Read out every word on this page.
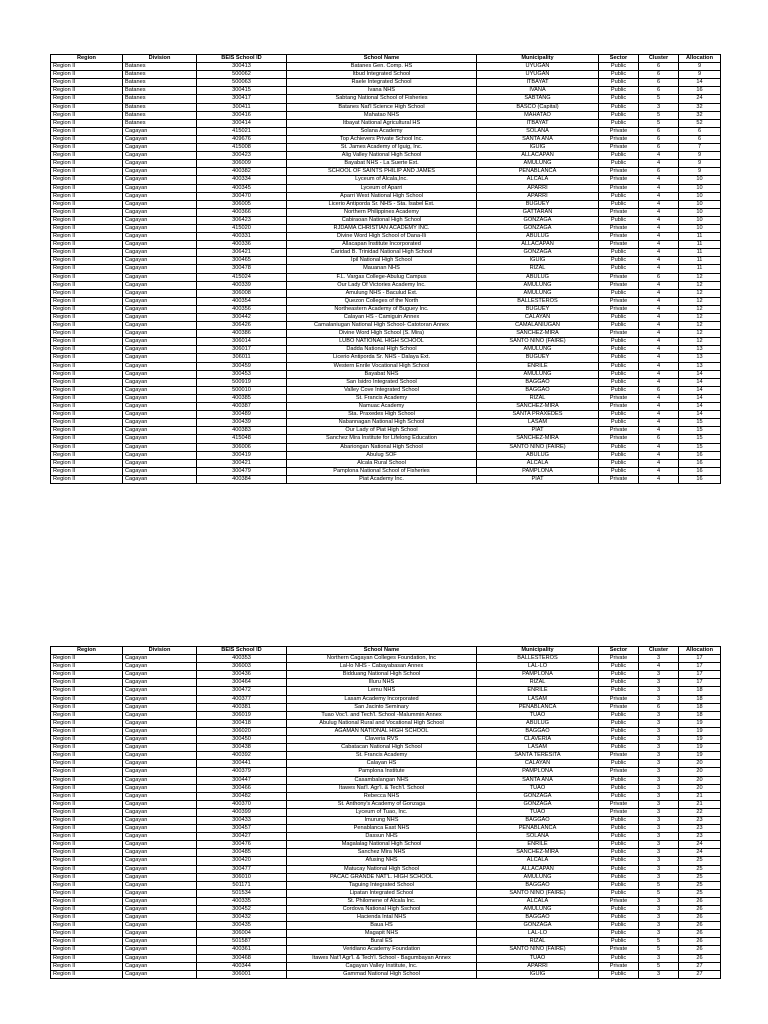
Region	Division	BEIS School ID	School Name	Municipality	Sector	Cluster	Allocation
Region II	Batanes	300413	Batanes Gen. Comp. HS	UYUGAN	Public	6	9
Region II	Batanes	500062	Itbud Integrated School	UYUGAN	Public	6	9
Region II	Batanes	500063	Raele Integrated School	ITBAYAT	Public	6	14
Region II	Batanes	300415	Ivana NHS	IVANA	Public	6	16
Region II	Batanes	300417	Sabtang National School of Fisheries	SABTANG	Public	5	24
Region II	Batanes	300411	Batanes Nat'l Science High School	BASCO (Capital)	Public	3	32
Region II	Batanes	300416	Mahatao NHS	MAHATAO	Public	5	32
Region II	Batanes	300414	Itbayat National Agricultural HS	ITBAYAT	Public	5	52
Region II	Cagayan	415021	Solana Academy	SOLANA	Private	6	6
Region II	Cagayan	409676	Top Achievers Private School Inc.	SANTA ANA	Private	6	6
Region II	Cagayan	415008	St. James Academy of Iguig, Inc.	IGUIG	Private	6	7
Region II	Cagayan	300423	Alig Valley National High School	ALLACAPAN	Public	4	9
Region II	Cagayan	306009	Bayabat NHS - La Suerte Ext.	AMULUNG	Public	4	9
Region II	Cagayan	400382	SCHOOL OF SAINTS PHILIP AND JAMES	PEÑABLANCA	Private	6	9
Region II	Cagayan	400334	Lyceum of Alcala,Inc.	ALCALA	Private	4	10
Region II	Cagayan	400345	Lyceum of Aparri	APARRI	Private	4	10
Region II	Cagayan	300470	Aparri West National High School	APARRI	Public	4	10
Region II	Cagayan	306005	Licerio Antiporda Sr. NHS - Sta. Isabel Ext.	BUGUEY	Public	4	10
Region II	Cagayan	400366	Northern Philippines Academy	GATTARAN	Private	4	10
Region II	Cagayan	306423	Cabiraoan National High School	GONZAGA	Public	4	10
Region II	Cagayan	415020	RJDAMA CHRISTIAN ACADEMY INC.	GONZAGA	Private	4	10
Region II	Cagayan	400331	Divine Word High School of Dana-Ili	ABULUG	Private	4	11
Region II	Cagayan	400336	Allacapan Institute Incorporated	ALLACAPAN	Private	4	11
Region II	Cagayan	306421	Caridad B. Trinidad National High School	GONZAGA	Public	4	11
Region II	Cagayan	300465	Ipil National High School	IGUIG	Public	4	11
Region II	Cagayan	300478	Mauanan NHS	RIZAL	Public	4	11
Region II	Cagayan	415024	F.L. Vargas College-Abulug Campus	ABULUG	Private	6	12
Region II	Cagayan	400339	Our Lady Of Victories Academy Inc.	AMULUNG	Private	4	12
Region II	Cagayan	306008	Amulung NHS - Baculud Ext.	AMULUNG	Public	4	12
Region II	Cagayan	400354	Quezon Colleges of the North	BALLESTEROS	Private	4	12
Region II	Cagayan	400356	Northeastern Academy of Buguey Inc.	BUGUEY	Private	4	12
Region II	Cagayan	300442	Calayan HS - Camiguin Annex	CALAYAN	Public	4	12
Region II	Cagayan	306426	Camalaniugan National High School- Catotoran Annex	CAMALANIUGAN	Public	4	12
Region II	Cagayan	400386	Divine Word High School (S. Mira)	SANCHEZ-MIRA	Private	4	12
Region II	Cagayan	306014	LUBO NATIONAL HIGH SCHOOL	SANTO NIÑO (FAIRE)	Public	4	12
Region II	Cagayan	306017	Dadda National High School	AMULUNG	Public	4	13
Region II	Cagayan	306011	Licerio Antiporda Sr. NHS - Dalaya Ext.	BUGUEY	Public	4	13
Region II	Cagayan	300459	Western Enrile Vocational High School	ENRILE	Public	4	13
Region II	Cagayan	300453	Bayabat NHS	AMULUNG	Public	4	14
Region II	Cagayan	500919	San Isidro Integrated School	BAGGAO	Public	4	14
Region II	Cagayan	500010	Valley Cove Integrated School	BAGGAO	Public	6	14
Region II	Cagayan	400385	St. Francis Academy	RIZAL	Private	4	14
Region II	Cagayan	400387	Namuac Academy	SANCHEZ-MIRA	Private	4	14
Region II	Cagayan	300489	Sta. Praxedes High School	SANTA PRAXEDES	Public	4	14
Region II	Cagayan	300439	Nabannagan National High School	LASAM	Public	4	15
Region II	Cagayan	400383	Our Lady of Piat High School	PIAT	Private	4	15
Region II	Cagayan	415048	Sanchez Mira Institute for Lifelong Education	SANCHEZ-MIRA	Private	6	15
Region II	Cagayan	306006	Abariongan National High School	SANTO NIÑO (FAIRE)	Public	4	15
Region II	Cagayan	300419	Abulug SOF	ABULUG	Public	4	16
Region II	Cagayan	300421	Alcala Rural School	ALCALA	Public	4	16
Region II	Cagayan	300479	Pamplona National School of Fisheries	PAMPLONA	Public	4	16
Region II	Cagayan	400384	Piat Academy Inc.	PIAT	Private	4	16
Region	Division	BEIS School ID	School Name	Municipality	Sector	Cluster	Allocation
Region II	Cagayan	400353	Northern Cagayan Colleges Foundation, Inc	BALLESTEROS	Private	3	17
Region II	Cagayan	306003	Lal-lo NHS - Cabayabasan Annex	LAL-LO	Public	4	17
Region II	Cagayan	300436	Bidduang National High School	PAMPLONA	Public	3	17
Region II	Cagayan	300464	Illuru NHS	RIZAL	Public	3	17
Region II	Cagayan	300472	Lemu NHS	ENRILE	Public	3	18
Region II	Cagayan	400377	Lasam Academy Incorporated	LASAM	Private	3	18
Region II	Cagayan	400381	San Jacinto Seminary	PEÑABLANCA	Private	6	18
Region II	Cagayan	306019	Tuao Voc'l. and Tech'l. School -Malummin Annex	TUAO	Public	3	18
Region II	Cagayan	300418	Abulug National Rural and Vocational High School	ABULUG	Public	3	19
Region II	Cagayan	306020	AGAMAN NATIONAL HIGH SCHOOL	BAGGAO	Public	3	19
Region II	Cagayan	300450	Claveria RVS	CLAVERIA	Public	3	19
Region II	Cagayan	300438	Cabatacan National High School	LASAM	Public	3	19
Region II	Cagayan	400392	St. Francis Academy	SANTA TERESITA	Private	3	19
Region II	Cagayan	300441	Calayan HS	CALAYAN	Public	3	20
Region II	Cagayan	400379	Pamplona Institute	PAMPLONA	Private	3	20
Region II	Cagayan	300447	Casambalangan NHS	SANTA ANA	Public	3	20
Region II	Cagayan	300466	Itawes Nat'l. Agr'l. & Tech'l. School	TUAO	Public	3	20
Region II	Cagayan	300482	Rebecca NHS	GONZAGA	Public	3	21
Region II	Cagayan	400370	St. Anthony's Academy of Gonzaga	GONZAGA	Private	3	21
Region II	Cagayan	400399	Lyceum of Tuao, Inc.	TUAO	Private	3	22
Region II	Cagayan	300433	Imurung NHS	BAGGAO	Public	3	23
Region II	Cagayan	300457	Penablanca East NHS	PEÑABLANCA	Public	3	23
Region II	Cagayan	300427	Dassun NHS	SOLANA	Public	3	23
Region II	Cagayan	300476	Magalalag National High School	ENRILE	Public	3	24
Region II	Cagayan	300485	Sanchez Mira NHS	SANCHEZ-MIRA	Public	3	24
Region II	Cagayan	300420	Afusing NHS	ALCALA	Public	3	25
Region II	Cagayan	300477	Matucay National High School	ALLACAPAN	Public	3	25
Region II	Cagayan	306010	PACAC GRANDE NAT'L. HIGH SCHOOL	AMULUNG	Public	3	25
Region II	Cagayan	501171	Taguing Integrated School	BAGGAO	Public	5	25
Region II	Cagayan	501534	Lipatan Integrated School	SANTO NIÑO (FAIRE)	Public	5	25
Region II	Cagayan	400335	St. Philomene of Alcala Inc.	ALCALA	Private	3	26
Region II	Cagayan	300452	Cordova National High Sschool	AMULUNG	Public	3	26
Region II	Cagayan	300432	Hacienda Intal NHS	BAGGAO	Public	3	26
Region II	Cagayan	300435	Baua HS	GONZAGA	Public	3	26
Region II	Cagayan	306004	Magapit NHS	LAL-LO	Public	3	26
Region II	Cagayan	501587	Bural ES	RIZAL	Public	5	26
Region II	Cagayan	400361	Veridiano Academy Foundation	SANTO NIÑO (FAIRE)	Private	5	26
Region II	Cagayan	300468	Itawes Nat'l Agr'l. & Tech'l. School - Bagumbayan Annex	TUAO	Public	3	26
Region II	Cagayan	400344	Cagayan Valley Institute, Inc.	APARRI	Private	5	27
Region II	Cagayan	306001	Gammad National High School	IGUIG	Public	3	27
